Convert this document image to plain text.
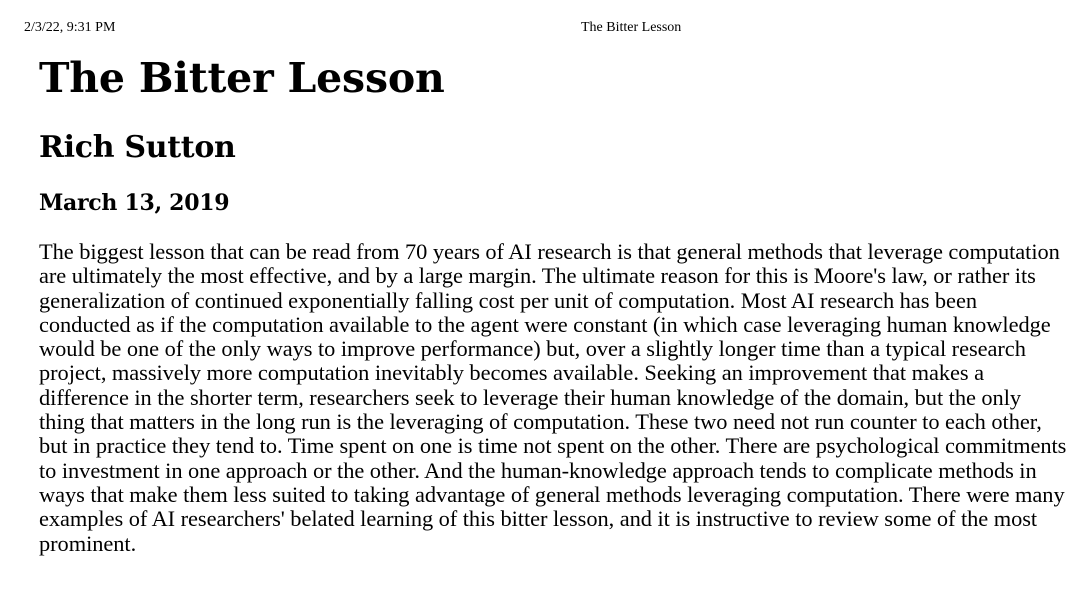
2/3/22, 9:31 PM	The Bitter Lesson
The Bitter Lesson
Rich Sutton
March 13, 2019

The biggest lesson that can be read from 70 years of AI research is that general methods that leverage computation are ultimately the most effective, and by a large margin. The ultimate reason for this is Moore's law, or rather its generalization of continued exponentially falling cost per unit of computation. Most AI research has been conducted as if the computation available to the agent were constant (in which case leveraging human knowledge would be one of the only ways to improve performance) but, over a slightly longer time than a typical research project, massively more computation inevitably becomes available. Seeking an improvement that makes a difference in the shorter term, researchers seek to leverage their human knowledge of the domain, but the only thing that matters in the long run is the leveraging of computation. These two need not run counter to each other, but in practice they tend to. Time spent on one is time not spent on the other. There are psychological commitments to investment in one approach or the other. And the human-knowledge approach tends to complicate methods in ways that make them less suited to taking advantage of general methods leveraging computation. There were many examples of AI researchers' belated learning of this bitter lesson, and it is instructive to review some of the most prominent.
